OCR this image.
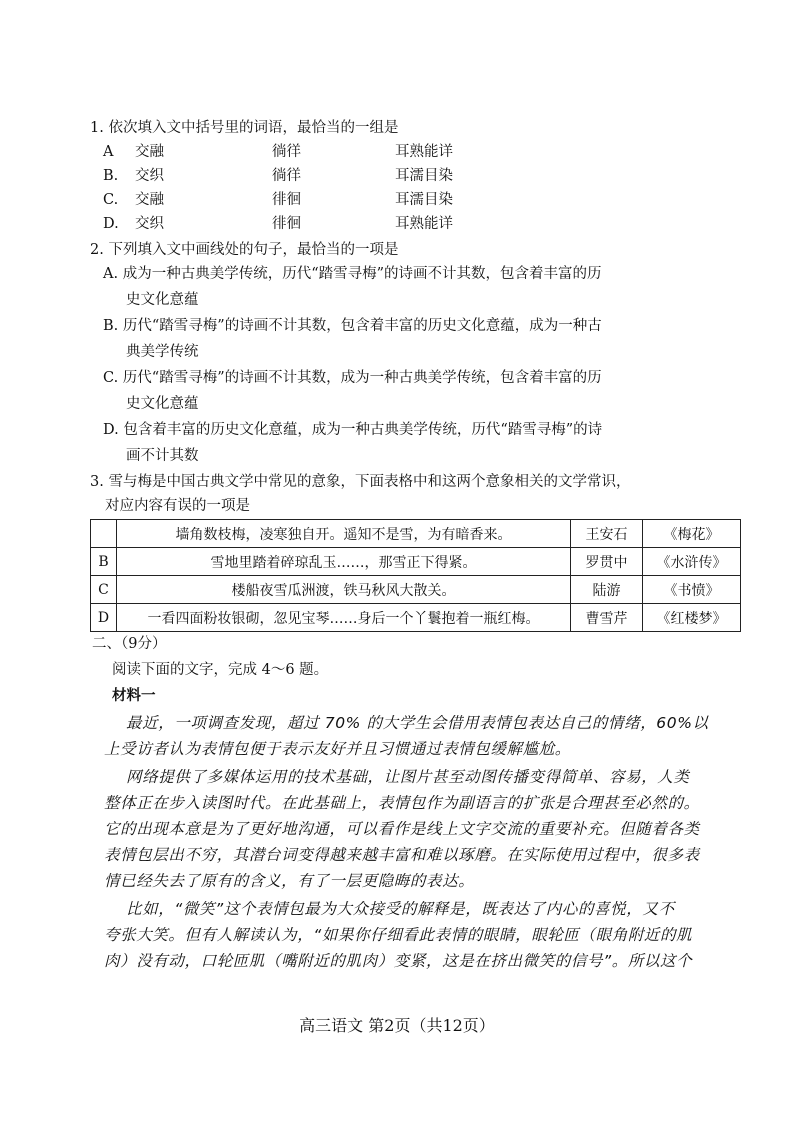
1. 依次填入文中括号里的词语，最恰当的一组是
A 交融	徜徉	耳熟能详
B. 交织	徜徉	耳濡目染
C. 交融	徘徊	耳濡目染
D. 交织	徘徊	耳熟能详
2. 下列填入文中画线处的句子，最恰当的一项是
A. 成为一种古典美学传统，历代“踏雪寻梅”的诗画不计其数，包含着丰富的历
史文化意蕴
B. 历代“踏雪寻梅”的诗画不计其数，包含着丰富的历史文化意蕴，成为一种古
典美学传统
C. 历代“踏雪寻梅”的诗画不计其数，成为一种古典美学传统，包含着丰富的历
史文化意蕴
D. 包含着丰富的历史文化意蕴，成为一种古典美学传统，历代“踏雪寻梅”的诗
画不计其数
3. 雪与梅是中国古典文学中常见的意象，下面表格中和这两个意象相关的文学常识，
对应内容有误的一项是
	墙角数枝梅，凌寒独自开。遥知不是雪，为有暗香来。	王安石	《梅花》
B	雪地里踏着碎琼乱玉……，那雪正下得紧。	罗贯中	《水浒传》
C	楼船夜雪瓜洲渡，铁马秋风大散关。	陆游	《书愤》
D	一看四面粉妆银砌，忽见宝琴……身后一个丫鬟抱着一瓶红梅。	曹雪芹	《红楼梦》
二、（9分）
阅读下面的文字，完成 4～6 题。
材料一
最近，一项调查发现，超过 70% 的大学生会借用表情包表达自己的情绪，60%以
上受访者认为表情包便于表示友好并且习惯通过表情包缓解尴尬。
网络提供了多媒体运用的技术基础，让图片甚至动图传播变得简单、容易，人类
整体正在步入读图时代。在此基础上，表情包作为副语言的扩张是合理甚至必然的。
它的出现本意是为了更好地沟通，可以看作是线上文字交流的重要补充。但随着各类
表情包层出不穷，其潜台词变得越来越丰富和难以琢磨。在实际使用过程中，很多表
情已经失去了原有的含义，有了一层更隐晦的表达。
比如，“微笑”这个表情包最为大众接受的解释是，既表达了内心的喜悦，又不
夸张大笑。但有人解读认为，“如果你仔细看此表情的眼睛，眼轮匝（眼角附近的肌
肉）没有动，口轮匝肌（嘴附近的肌肉）变紧，这是在挤出微笑的信号”。所以这个
高三语文 第2页（共12页）
